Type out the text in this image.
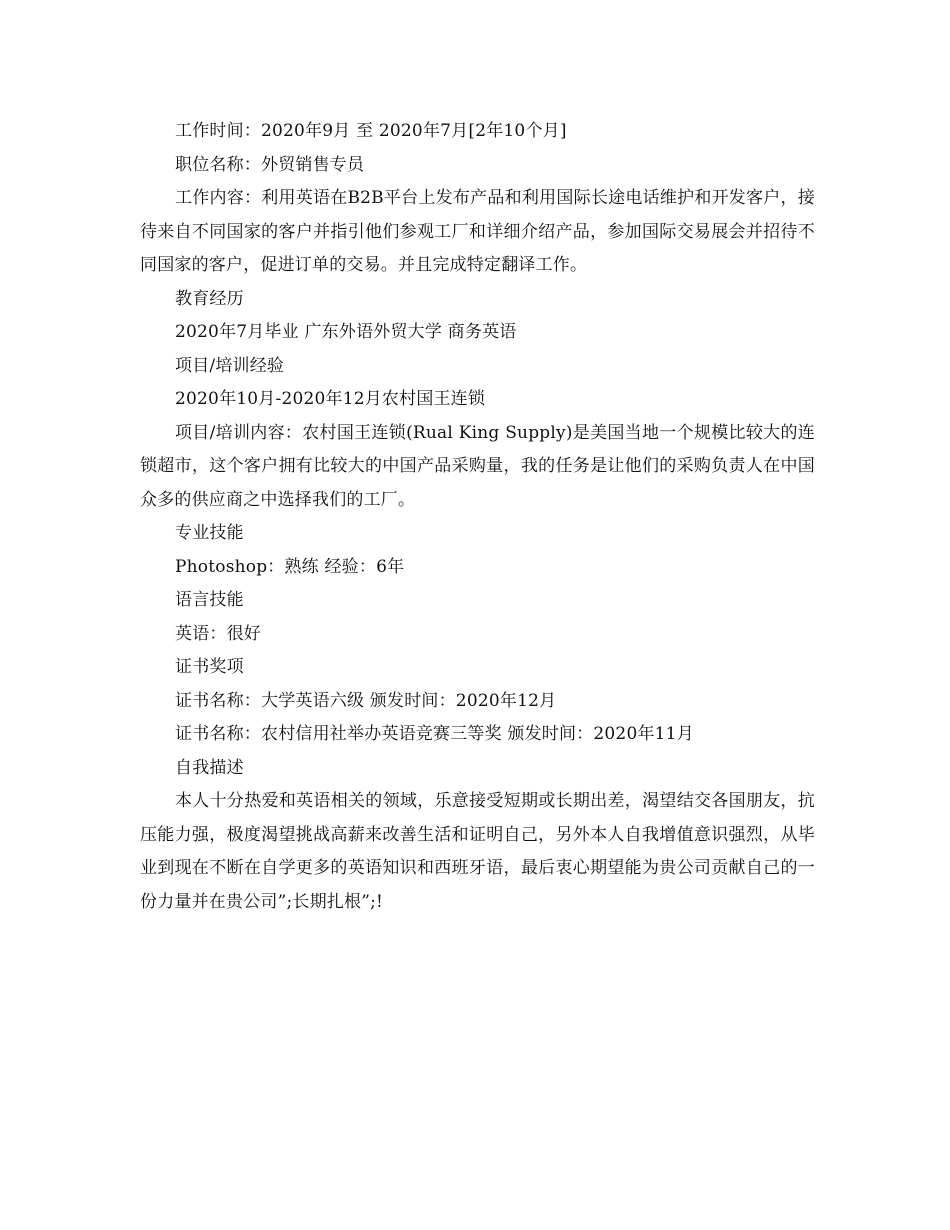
工作时间：2020年9月 至 2020年7月[2年10个月]

职位名称：外贸销售专员

工作内容：利用英语在B2B平台上发布产品和利用国际长途电话维护和开发客户，接待来自不同国家的客户并指引他们参观工厂和详细介绍产品，参加国际交易展会并招待不同国家的客户，促进订单的交易。并且完成特定翻译工作。

教育经历

2020年7月毕业 广东外语外贸大学 商务英语

项目/培训经验

2020年10月-2020年12月农村国王连锁

项目/培训内容：农村国王连锁(Rual King Supply)是美国当地一个规模比较大的连锁超市，这个客户拥有比较大的中国产品采购量，我的任务是让他们的采购负责人在中国众多的供应商之中选择我们的工厂。

专业技能

Photoshop：熟练 经验：6年

语言技能

英语：很好

证书奖项

证书名称：大学英语六级 颁发时间：2020年12月

证书名称：农村信用社举办英语竞赛三等奖 颁发时间：2020年11月

自我描述

本人十分热爱和英语相关的领域，乐意接受短期或长期出差，渴望结交各国朋友，抗压能力强，极度渴望挑战高薪来改善生活和证明自己，另外本人自我增值意识强烈，从毕业到现在不断在自学更多的英语知识和西班牙语，最后衷心期望能为贵公司贡献自己的一份力量并在贵公司”;长期扎根”;!
